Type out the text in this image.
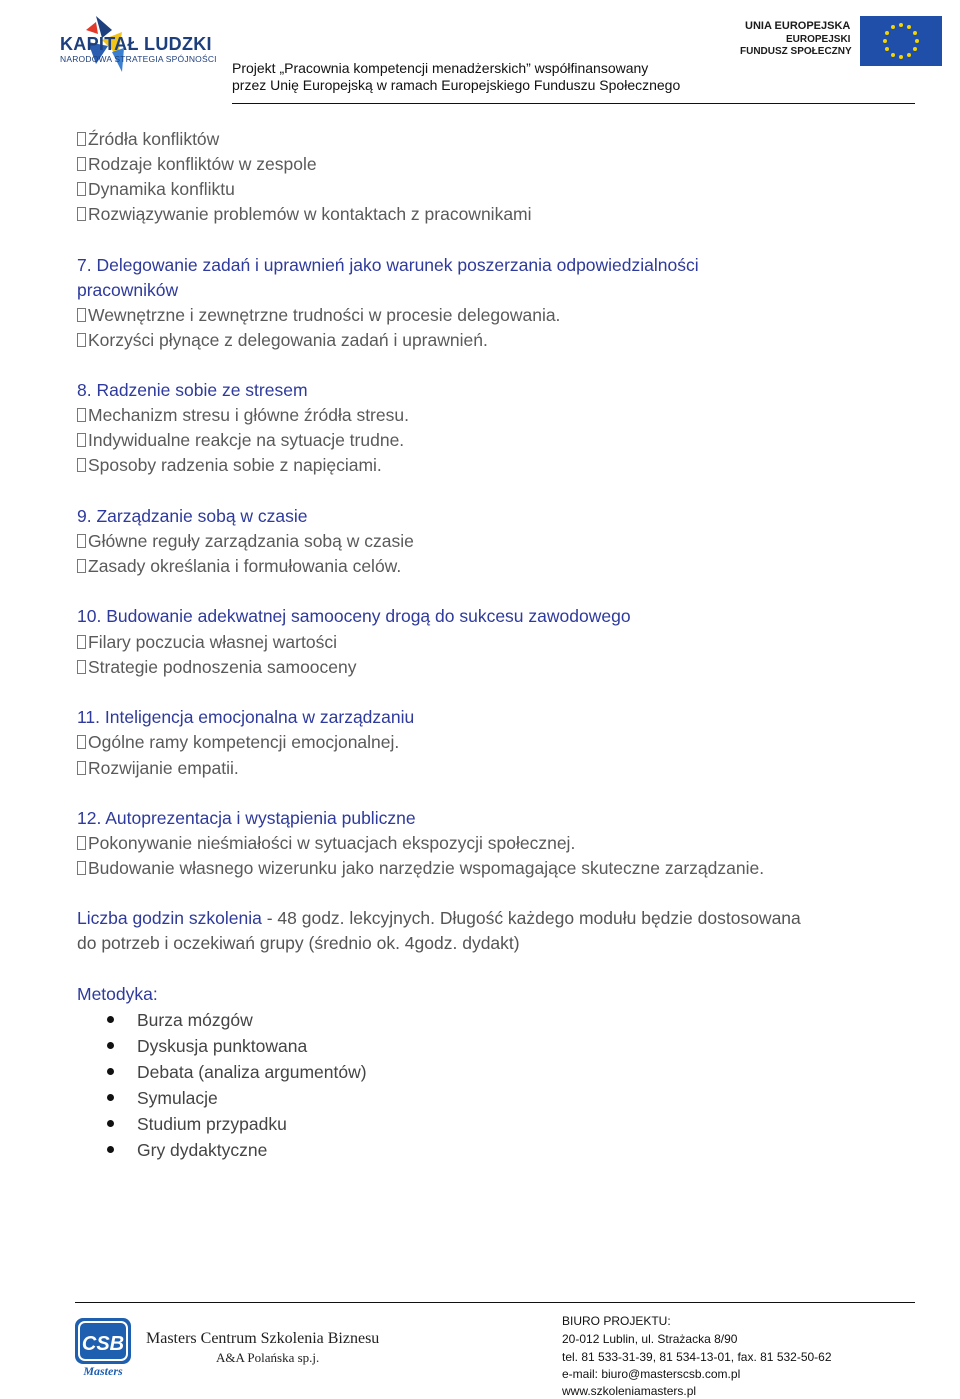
KAPITAŁ LUDZKI
NARODOWA STRATEGIA SPÓJNOŚCI
UNIA EUROPEJSKA
EUROPEJSKI
FUNDUSZ SPOŁECZNY
Projekt „Pracownia kompetencji menadżerskich” współfinansowany
przez Unię Europejską w ramach Europejskiego Funduszu Społecznego
Źródła konfliktów
Rodzaje konfliktów w zespole
Dynamika konfliktu
Rozwiązywanie problemów w kontaktach z pracownikami
7. Delegowanie zadań i uprawnień jako warunek poszerzania odpowiedzialności
pracowników
Wewnętrzne i zewnętrzne trudności w procesie delegowania.
Korzyści płynące z delegowania zadań i uprawnień.
8. Radzenie sobie ze stresem
Mechanizm stresu i główne źródła stresu.
Indywidualne reakcje na sytuacje trudne.
Sposoby radzenia sobie z napięciami.
9. Zarządzanie sobą w czasie
Główne reguły zarządzania sobą w czasie
Zasady określania i formułowania celów.
10. Budowanie adekwatnej samooceny drogą do sukcesu zawodowego
Filary poczucia własnej wartości
Strategie podnoszenia samooceny
11. Inteligencja emocjonalna w zarządzaniu
Ogólne ramy kompetencji emocjonalnej.
Rozwijanie empatii.
12. Autoprezentacja i wystąpienia publiczne
Pokonywanie nieśmiałości w sytuacjach ekspozycji społecznej.
Budowanie własnego wizerunku jako narzędzie wspomagające skuteczne zarządzanie.
Liczba godzin szkolenia - 48 godz. lekcyjnych. Długość każdego modułu będzie dostosowana
do potrzeb i oczekiwań grupy (średnio ok. 4godz. dydakt)
Metodyka:
Burza mózgów
Dyskusja punktowana
Debata (analiza argumentów)
Symulacje
Studium przypadku
Gry dydaktyczne
CSB
Masters
Masters Centrum Szkolenia Biznesu
A&A Polańska sp.j.
BIURO PROJEKTU:
20-012 Lublin, ul. Strażacka 8/90
tel. 81 533-31-39, 81 534-13-01, fax. 81 532-50-62
e-mail: biuro@masterscsb.com.pl
www.szkoleniamasters.pl
